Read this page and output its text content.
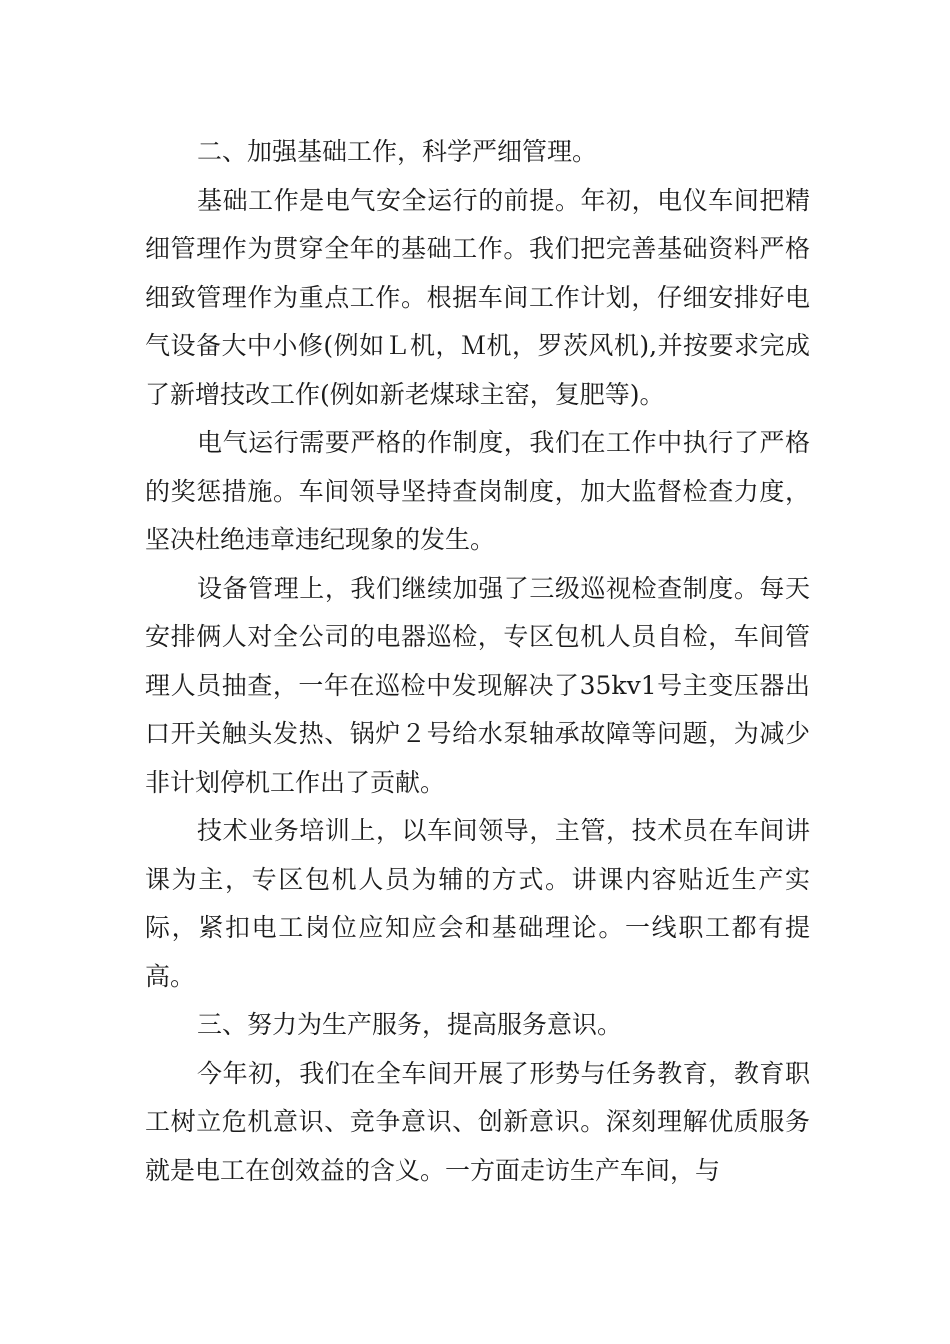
二、加强基础工作，科学严细管理。

基础工作是电气安全运行的前提。年初，电仪车间把精细管理作为贯穿全年的基础工作。我们把完善基础资料严格细致管理作为重点工作。根据车间工作计划，仔细安排好电气设备大中小修(例如Ｌ机，Ｍ机，罗茨风机),并按要求完成了新增技改工作(例如新老煤球主窑，复肥等)。

电气运行需要严格的作制度，我们在工作中执行了严格的奖惩措施。车间领导坚持查岗制度，加大监督检查力度，坚决杜绝违章违纪现象的发生。

设备管理上，我们继续加强了三级巡视检查制度。每天安排俩人对全公司的电器巡检，专区包机人员自检，车间管理人员抽查，一年在巡检中发现解决了35kv1号主变压器出口开关触头发热、锅炉２号给水泵轴承故障等问题，为减少非计划停机工作出了贡献。

技术业务培训上，以车间领导，主管，技术员在车间讲课为主，专区包机人员为辅的方式。讲课内容贴近生产实际，紧扣电工岗位应知应会和基础理论。一线职工都有提高。

三、努力为生产服务，提高服务意识。

今年初，我们在全车间开展了形势与任务教育，教育职工树立危机意识、竞争意识、创新意识。深刻理解优质服务就是电工在创效益的含义。一方面走访生产车间，与
